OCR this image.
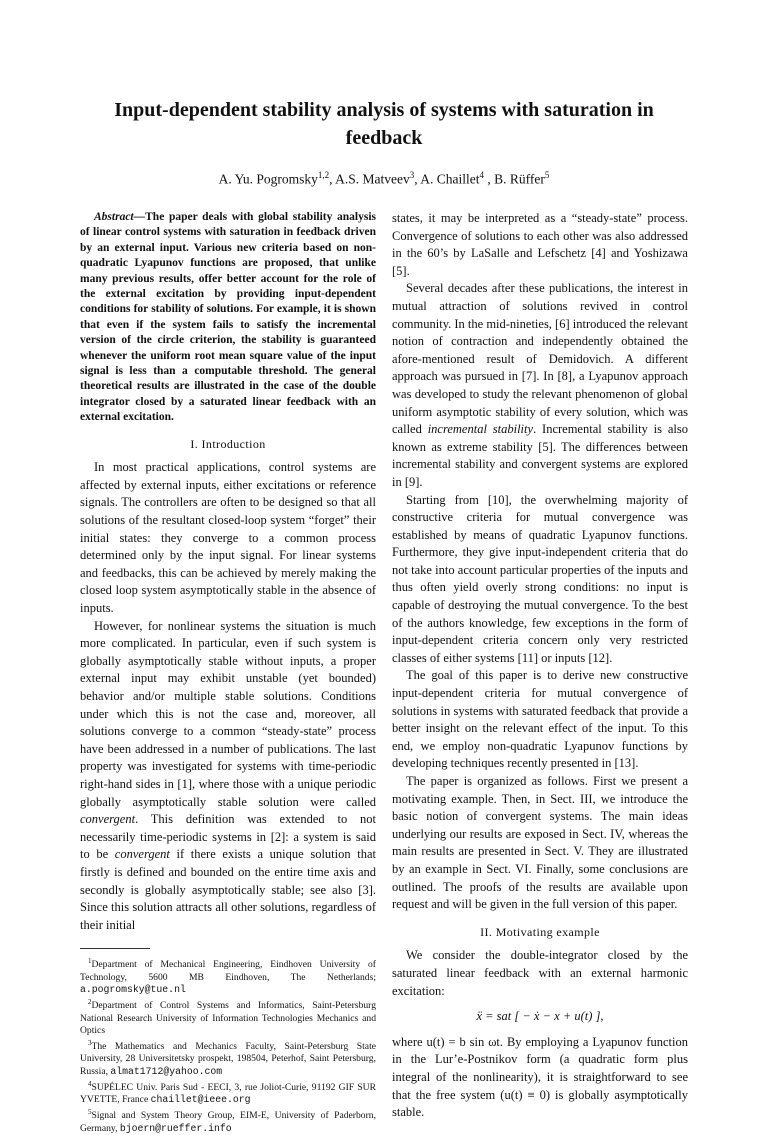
Input-dependent stability analysis of systems with saturation in feedback
A. Yu. Pogromsky$^{1,2}$, A.S. Matveev$^3$, A. Chaillet$^4$ , B. Rüffer$^5$

Abstract—The paper deals with global stability analysis of linear control systems with saturation in feedback driven by an external input. Various new criteria based on non-quadratic Lyapunov functions are proposed, that unlike many previous results, offer better account for the role of the external excitation by providing input-dependent conditions for stability of solutions. For example, it is shown that even if the system fails to satisfy the incremental version of the circle criterion, the stability is guaranteed whenever the uniform root mean square value of the input signal is less than a computable threshold. The general theoretical results are illustrated in the case of the double integrator closed by a saturated linear feedback with an external excitation.

I. Introduction

In most practical applications, control systems are affected by external inputs, either excitations or reference signals. The controllers are often to be designed so that all solutions of the resultant closed-loop system “forget” their initial states: they converge to a common process determined only by the input signal. For linear systems and feedbacks, this can be achieved by merely making the closed loop system asymptotically stable in the absence of inputs.

However, for nonlinear systems the situation is much more complicated. In particular, even if such system is globally asymptotically stable without inputs, a proper external input may exhibit unstable (yet bounded) behavior and/or multiple stable solutions. Conditions under which this is not the case and, moreover, all solutions converge to a common “steady-state” process have been addressed in a number of publications. The last property was investigated for systems with time-periodic right-hand sides in [1], where those with a unique periodic globally asymptotically stable solution were called convergent. This definition was extended to not necessarily time-periodic systems in [2]: a system is said to be convergent if there exists a unique solution that firstly is defined and bounded on the entire time axis and secondly is globally asymptotically stable; see also [3]. Since this solution attracts all other solutions, regardless of their initial

$^1$Department of Mechanical Engineering, Eindhoven University of Technology, 5600 MB Eindhoven, The Netherlands; a.pogromsky@tue.nl

$^2$Department of Control Systems and Informatics, Saint-Petersburg National Research University of Information Technologies Mechanics and Optics

$^3$The Mathematics and Mechanics Faculty, Saint-Petersburg State University, 28 Universitetsky prospekt, 198504, Peterhof, Saint Petersburg, Russia, almat1712@yahoo.com

$^4$SUPÉLEC Univ. Paris Sud - EECI, 3, rue Joliot-Curie, 91192 GIF SUR YVETTE, France chaillet@ieee.org

$^5$Signal and System Theory Group, EIM-E, University of Paderborn, Germany, bjoern@rueffer.info

states, it may be interpreted as a “steady-state” process. Convergence of solutions to each other was also addressed in the 60’s by LaSalle and Lefschetz [4] and Yoshizawa [5].

Several decades after these publications, the interest in mutual attraction of solutions revived in control community. In the mid-nineties, [6] introduced the relevant notion of contraction and independently obtained the afore-mentioned result of Demidovich. A different approach was pursued in [7]. In [8], a Lyapunov approach was developed to study the relevant phenomenon of global uniform asymptotic stability of every solution, which was called incremental stability. Incremental stability is also known as extreme stability [5]. The differences between incremental stability and convergent systems are explored in [9].

Starting from [10], the overwhelming majority of constructive criteria for mutual convergence was established by means of quadratic Lyapunov functions. Furthermore, they give input-independent criteria that do not take into account particular properties of the inputs and thus often yield overly strong conditions: no input is capable of destroying the mutual convergence. To the best of the authors knowledge, few exceptions in the form of input-dependent criteria concern only very restricted classes of either systems [11] or inputs [12].

The goal of this paper is to derive new constructive input-dependent criteria for mutual convergence of solutions in systems with saturated feedback that provide a better insight on the relevant effect of the input. To this end, we employ non-quadratic Lyapunov functions by developing techniques recently presented in [13].

The paper is organized as follows. First we present a motivating example. Then, in Sect. III, we introduce the basic notion of convergent systems. The main ideas underlying our results are exposed in Sect. IV, whereas the main results are presented in Sect. V. They are illustrated by an example in Sect. VI. Finally, some conclusions are outlined. The proofs of the results are available upon request and will be given in the full version of this paper.

II. Motivating example

We consider the double-integrator closed by the saturated linear feedback with an external harmonic excitation:

ẍ = sat [ − ẋ − x + u(t) ],

where u(t) = b sin ωt. By employing a Lyapunov function in the Lur’e-Postnikov form (a quadratic form plus integral of the nonlinearity), it is straightforward to see that the free system (u(t) ≡ 0) is globally asymptotically stable.
